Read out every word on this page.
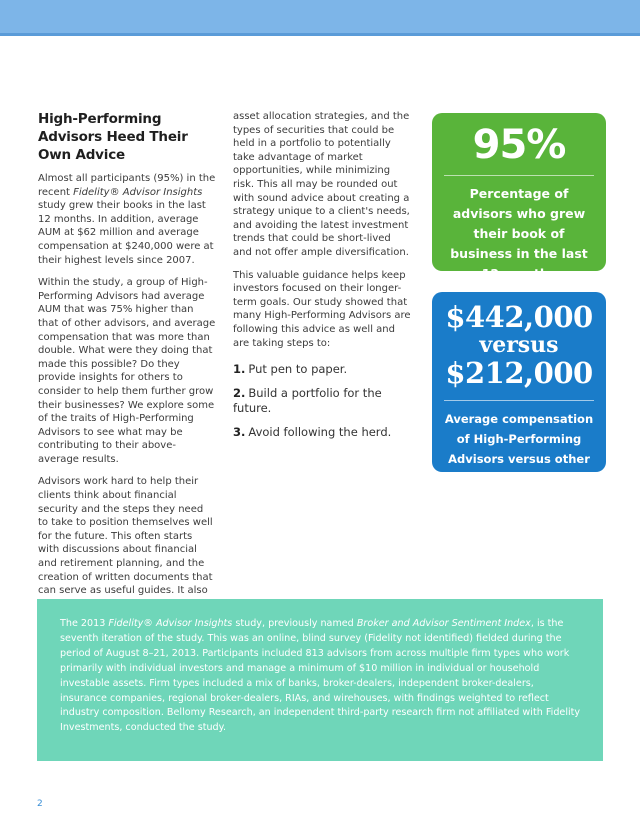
High-Performing Advisors Heed Their Own Advice

Almost all participants (95%) in the recent Fidelity® Advisor Insights study grew their books in the last 12 months. In addition, average AUM at $62 million and average compensation at $240,000 were at their highest levels since 2007.

Within the study, a group of High-Performing Advisors had average AUM that was 75% higher than that of other advisors, and average compensation that was more than double. What were they doing that made this possible? Do they provide insights for others to consider to help them further grow their businesses? We explore some of the traits of High-Performing Advisors to see what may be contributing to their above-average results.

Advisors work hard to help their clients think about financial security and the steps they need to take to position themselves well for the future. This often starts with discussions about financial and retirement planning, and the creation of written documents that can serve as useful guides. It also

asset allocation strategies, and the types of securities that could be held in a portfolio to potentially take advantage of market opportunities, while minimizing risk. This all may be rounded out with sound advice about creating a strategy unique to a client's needs, and avoiding the latest investment trends that could be short-lived and not offer ample diversification.

This valuable guidance helps keep investors focused on their longer-term goals. Our study showed that many High-Performing Advisors are following this advice as well and are taking steps to:

1. Put pen to paper.
2. Build a portfolio for the future.
3. Avoid following the herd.
95%
Percentage of advisors who grew their book of business in the last 12 months
$442,000
versus
$212,000
Average compensation of High-Performing Advisors versus other advisors

The 2013 Fidelity® Advisor Insights study, previously named Broker and Advisor Sentiment Index, is the seventh iteration of the study. This was an online, blind survey (Fidelity not identified) fielded during the period of August 8–21, 2013. Participants included 813 advisors from across multiple firm types who work primarily with individual investors and manage a minimum of $10 million in individual or household investable assets. Firm types included a mix of banks, broker-dealers, independent broker-dealers, insurance companies, regional broker-dealers, RIAs, and wirehouses, with findings weighted to reflect industry composition. Bellomy Research, an independent third-party research firm not affiliated with Fidelity Investments, conducted the study.

2
